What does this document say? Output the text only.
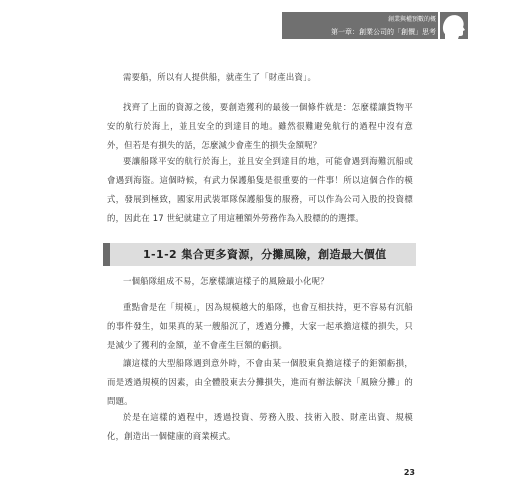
創業與權預數的概
第一章：創業公司的「創價」思考

需要船，所以有人提供船，就產生了「財產出資」。

找齊了上面的資源之後，要創造獲利的最後一個條件就是：怎麼樣讓貨物平安的航行於海上，並且安全的到達目的地。雖然很難避免航行的過程中沒有意外，但若是有損失的話，怎麼減少會產生的損失金額呢？

要讓船隊平安的航行於海上，並且安全到達目的地，可能會遇到海難沉船或會遇到海盜。這個時候，有武力保護船隻是很重要的一件事！所以這個合作的模式，發展到極致，國家用武裝軍隊保護船隻的服務，可以作為公司入股的投資標的，因此在 17 世紀就建立了用這種額外勞務作為入股標的的選擇。

1-1-2 集合更多資源，分攤風險，創造最大價值

一個船隊組成不易，怎麼樣讓這樣子的風險最小化呢？

重點會是在「規模」，因為規模越大的船隊，也會互相扶持，更不容易有沉船的事件發生，如果真的某一艘船沉了，透過分攤，大家一起承擔這樣的損失，只是減少了獲利的金額，並不會產生巨額的虧損。

讓這樣的大型船隊遇到意外時，不會由某一個股東負擔這樣子的鉅額虧損，而是透過規模的因素，由全體股東去分攤損失，進而有辦法解決「風險分攤」的問題。

於是在這樣的過程中，透過投資、勞務入股、技術入股、財產出資、規模化，創造出一個健康的商業模式。

23
